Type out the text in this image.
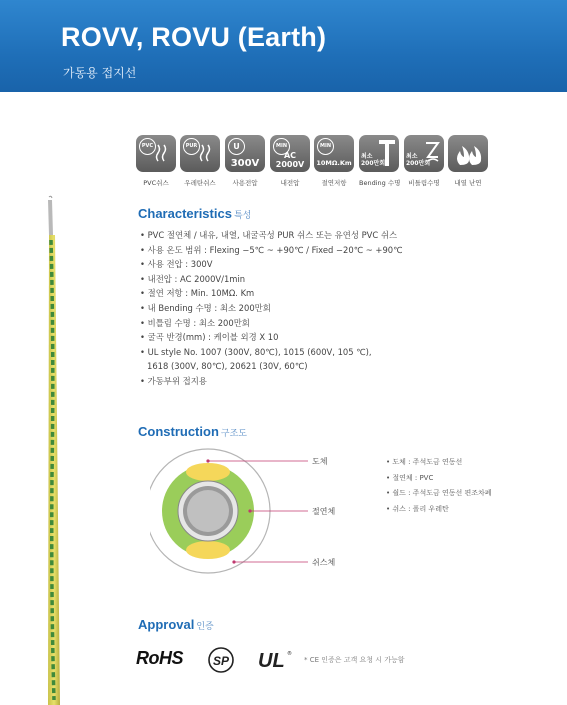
ROVV, ROVU (Earth)
가동용 접지선
PVC
PVC쉬스
PUR
우레탄쉬스
U
300V
사용전압
MIN
AC
2000V
내전압
MIN
10MΩ.Km
절연저항
최소
200만회
Bending 수명
최소
200만회
비틀림수명	내열 난연
Characteristics 특성
• PVC 절연체 / 내유, 내열, 내굴곡성 PUR 쉬스 또는 유연성 PVC 쉬스
• 사용 온도 범위 : Flexing −5℃ ~ +90℃ / Fixed −20℃ ~ +90℃
• 사용 전압 : 300V
• 내전압 : AC 2000V/1min
• 절연 저항 : Min. 10MΩ. Km
• 내 Bending 수명 : 최소 200만회
• 비틀림 수명 : 최소 200만회
• 굴곡 반경(mm) : 케이블 외경 X 10
• UL style No. 1007 (300V, 80℃), 1015 (600V, 105 ℃),
1618 (300V, 80℃), 20621 (30V, 60℃)
• 가동부위 접지용
Construction 구조도
도체
절연체
쉬스체
• 도체 : 주석도금 연동선
• 절연체 : PVC
• 쉴드 : 주석도금 연동선 편조차폐
• 쉬스 : 폴리 우레탄
Approval 인증
RoHS	SP UL ®
* CE 인증은 고객 요청 시 가능함
